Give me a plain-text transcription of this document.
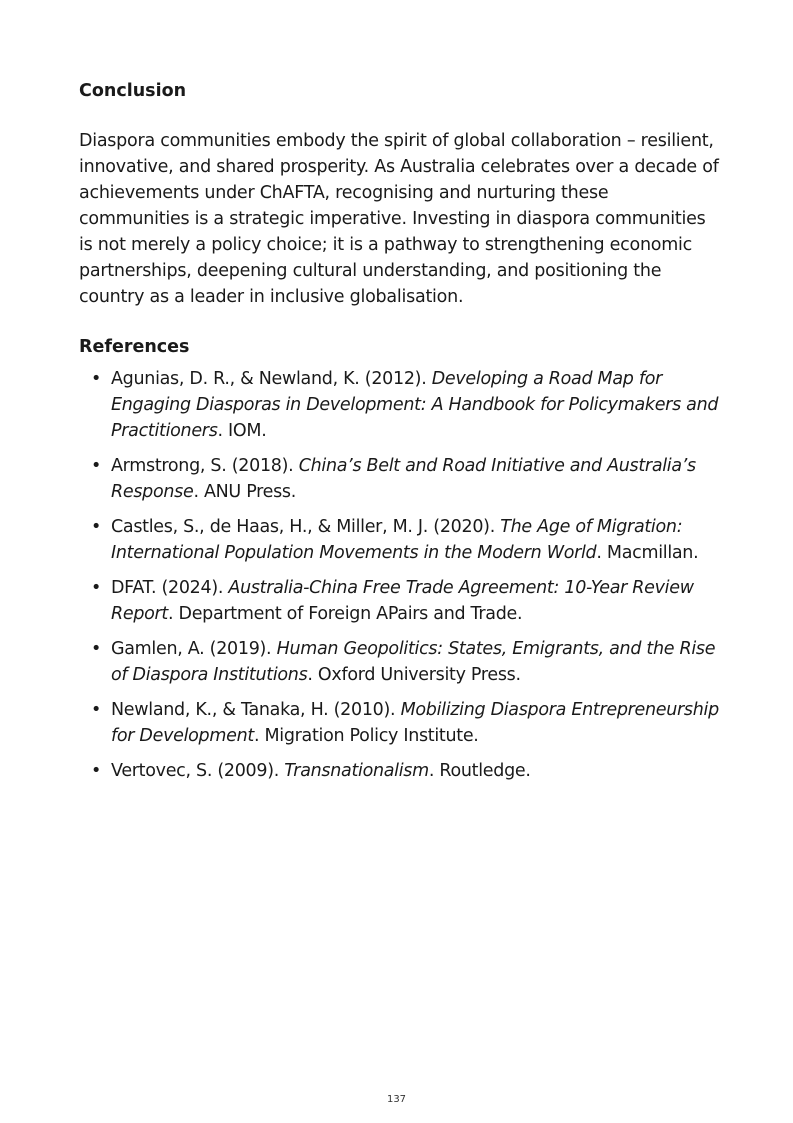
Conclusion

Diaspora communities embody the spirit of global collaboration – resilient, innovative, and shared prosperity. As Australia celebrates over a decade of achievements under ChAFTA, recognising and nurturing these communities is a strategic imperative. Investing in diaspora communities is not merely a policy choice; it is a pathway to strengthening economic partnerships, deepening cultural understanding, and positioning the country as a leader in inclusive globalisation.

References
• Agunias, D. R., & Newland, K. (2012). Developing a Road Map for Engaging Diasporas in Development: A Handbook for Policymakers and Practitioners. IOM.
• Armstrong, S. (2018). China’s Belt and Road Initiative and Australia’s Response. ANU Press.
• Castles, S., de Haas, H., & Miller, M. J. (2020). The Age of Migration: International Population Movements in the Modern World. Macmillan.
• DFAT. (2024). Australia-China Free Trade Agreement: 10-Year Review Report. Department of Foreign APairs and Trade.
• Gamlen, A. (2019). Human Geopolitics: States, Emigrants, and the Rise of Diaspora Institutions. Oxford University Press.
• Newland, K., & Tanaka, H. (2010). Mobilizing Diaspora Entrepreneurship for Development. Migration Policy Institute.
• Vertovec, S. (2009). Transnationalism. Routledge.
137
